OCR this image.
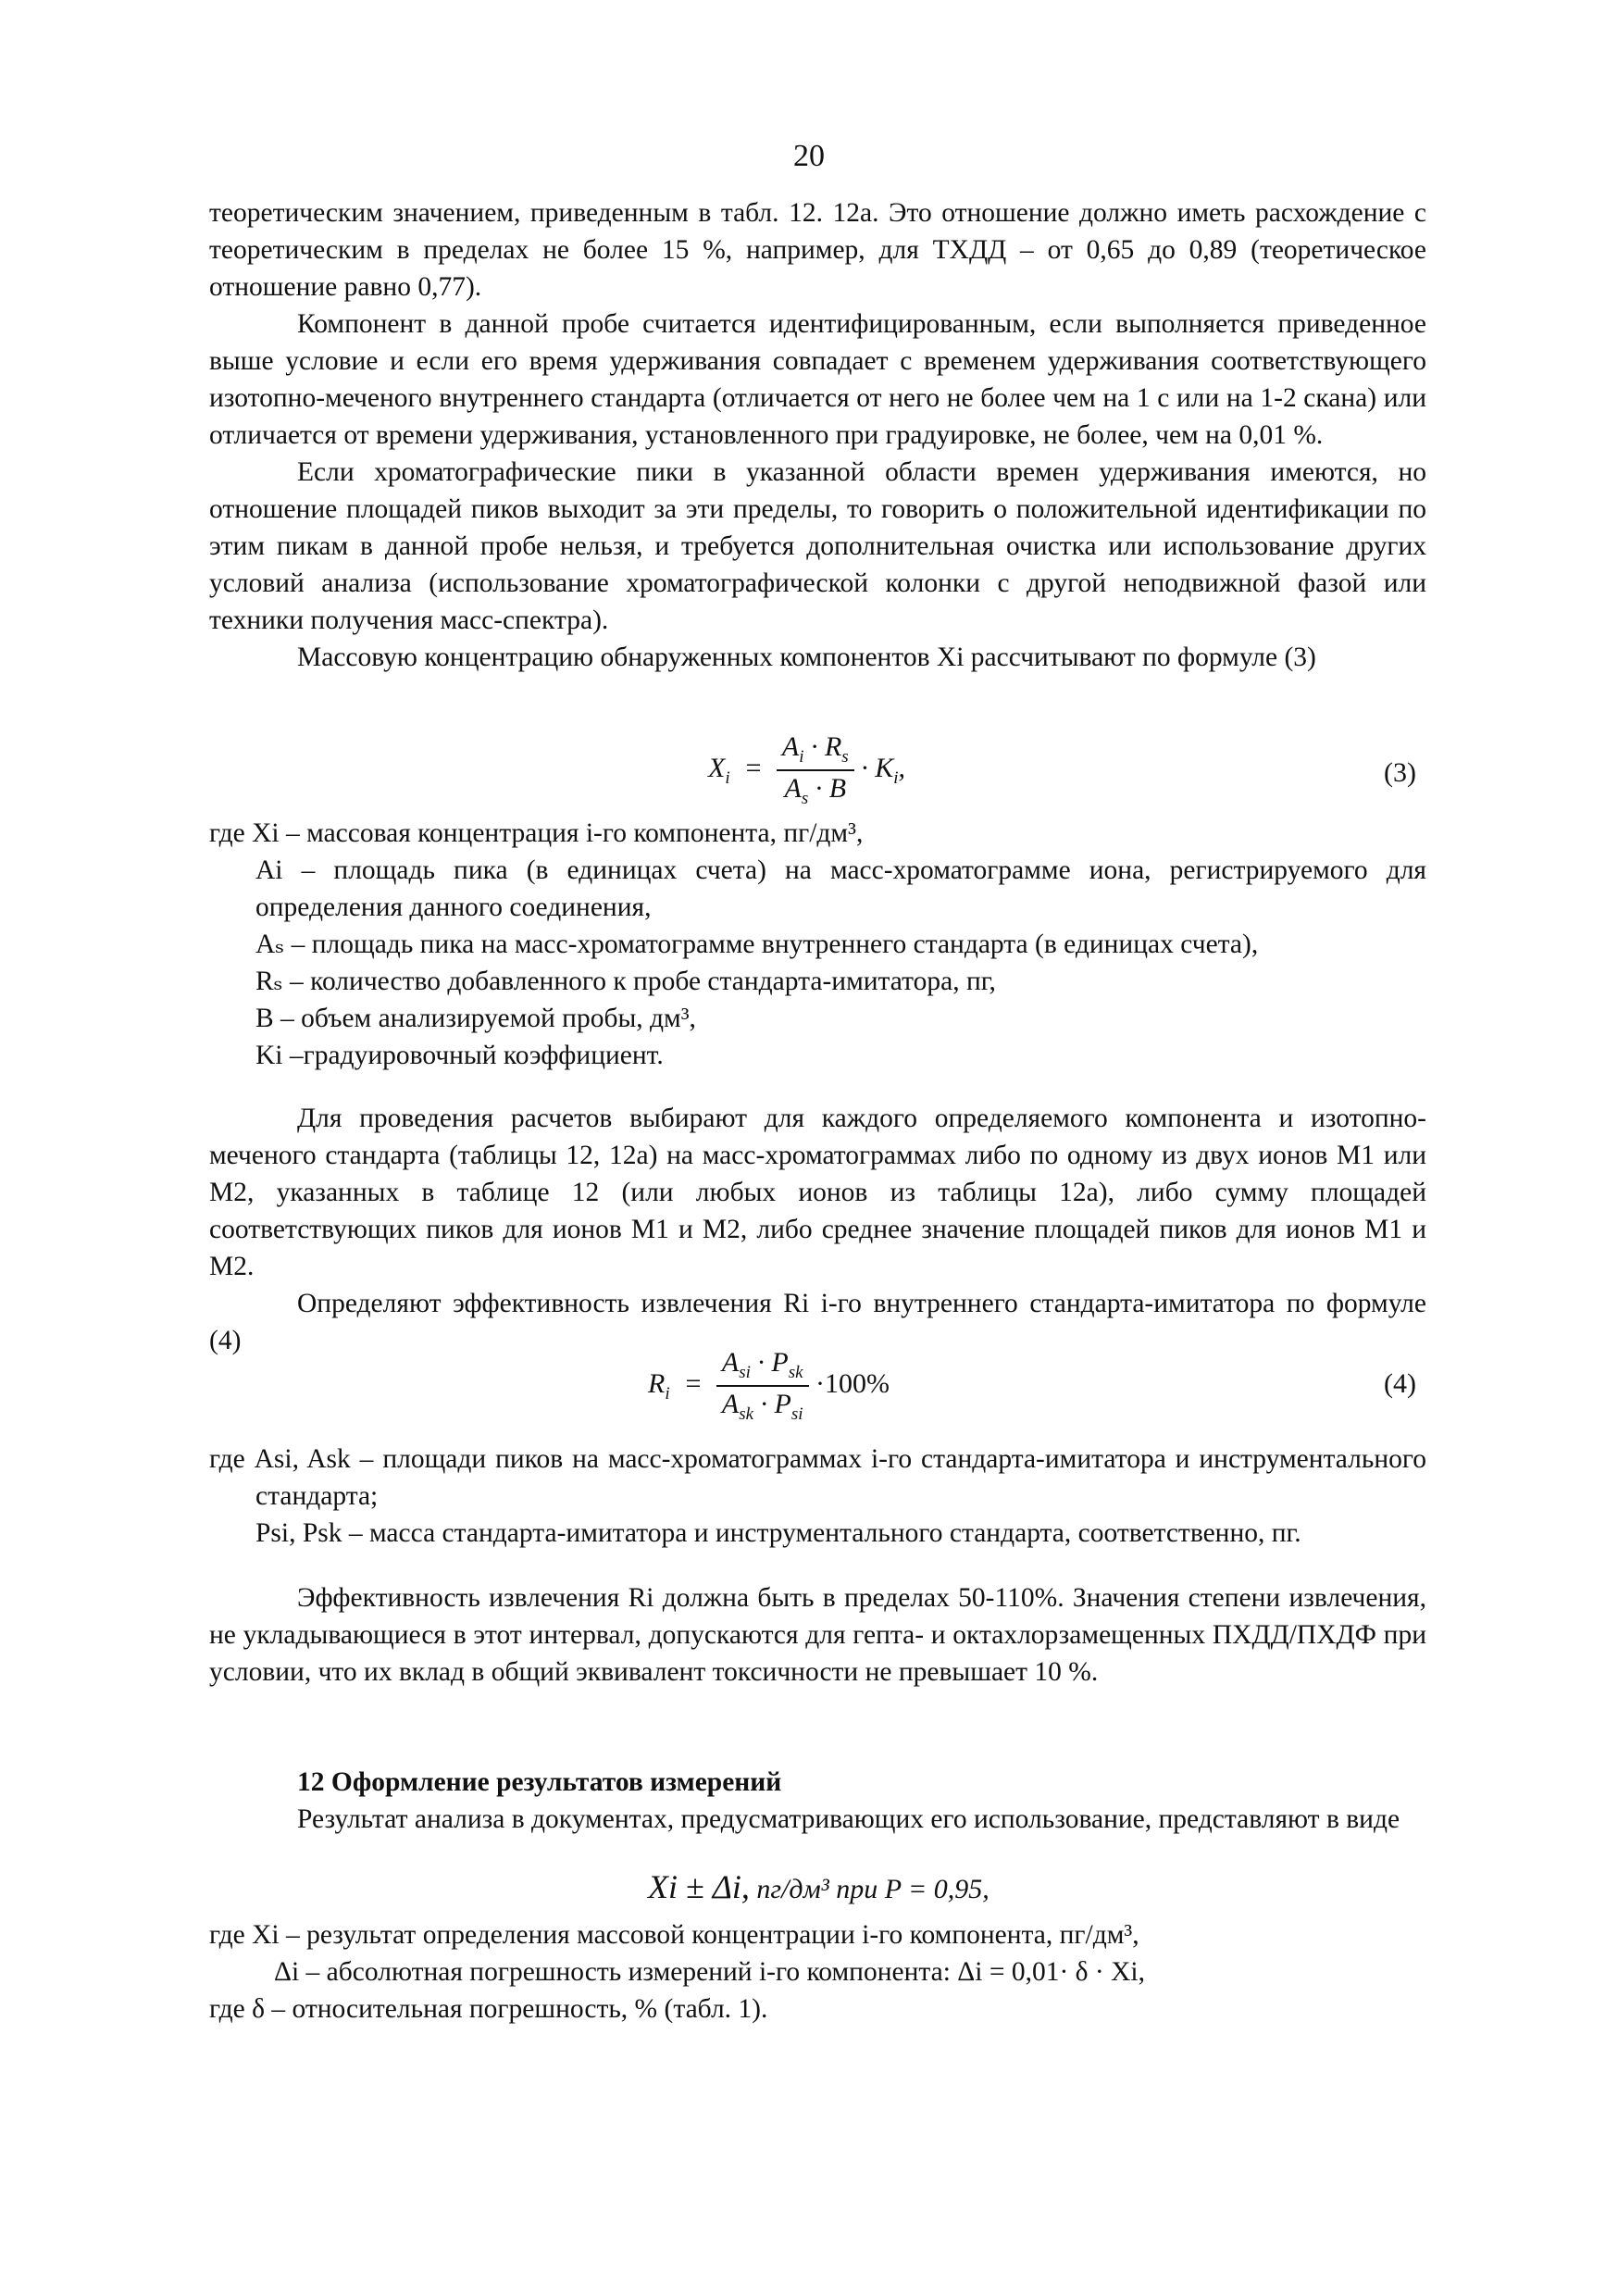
20

теоретическим значением, приведенным в табл. 12. 12а. Это отношение должно иметь расхождение с теоретическим в пределах не более 15 %, например, для ТХДД – от 0,65 до 0,89 (теоретическое отношение равно 0,77).

Компонент в данной пробе считается идентифицированным, если выполняется приведенное выше условие и если его время удерживания совпадает с временем удерживания соответствующего изотопно-меченого внутреннего стандарта (отличается от него не более чем на 1 с или на 1-2 скана) или отличается от времени удерживания, установленного при градуировке, не более, чем на 0,01 %.

Если хроматографические пики в указанной области времен удерживания имеются, но отношение площадей пиков выходит за эти пределы, то говорить о положительной идентификации по этим пикам в данной пробе нельзя, и требуется дополнительная очистка или использование других условий анализа (использование хроматографической колонки с другой неподвижной фазой или техники получения масс-спектра).

Массовую концентрацию обнаруженных компонентов Xi рассчитывают по формуле (3)

$X_i = \frac{A_i \cdot R_s}{A_s \cdot B} \cdot K_i$,	(3)

где Xi – массовая концентрация i-го компонента, пг/дм³,

Ai – площадь пика (в единицах счета) на масс-хроматограмме иона, регистрируемого для определения данного соединения,

Aₛ – площадь пика на масс-хроматограмме внутреннего стандарта (в единицах счета),

Rₛ – количество добавленного к пробе стандарта-имитатора, пг,

B – объем анализируемой пробы, дм³,

Ki –градуировочный коэффициент.

Для проведения расчетов выбирают для каждого определяемого компонента и изотопно-меченого стандарта (таблицы 12, 12а) на масс-хроматограммах либо по одному из двух ионов М1 или М2, указанных в таблице 12 (или любых ионов из таблицы 12а), либо сумму площадей соответствующих пиков для ионов М1 и М2, либо среднее значение площадей пиков для ионов М1 и М2.

Определяют эффективность извлечения Ri i-го внутреннего стандарта-имитатора по формуле (4)

$R_i = \frac{A_{si} \cdot P_{sk}}{A_{sk} \cdot P_{si}} \cdot 100\%$	(4)

где Asi, Ask – площади пиков на масс-хроматограммах i-го стандарта-имитатора и инструментального стандарта;

Psi, Psk – масса стандарта-имитатора и инструментального стандарта, соответственно, пг.

Эффективность извлечения Ri должна быть в пределах 50-110%. Значения степени извлечения, не укладывающиеся в этот интервал, допускаются для гепта- и октахлорзамещенных ПХДД/ПХДФ при условии, что их вклад в общий эквивалент токсичности не превышает 10 %.

12 Оформление результатов измерений

Результат анализа в документах, предусматривающих его использование, представляют в виде

Xi ± Δi, пг/дм³ при P = 0,95,

где Xi – результат определения массовой концентрации i-го компонента, пг/дм³,

Δi – абсолютная погрешность измерений i-го компонента: Δi = 0,01· δ · Xi,

где δ – относительная погрешность, % (табл. 1).
